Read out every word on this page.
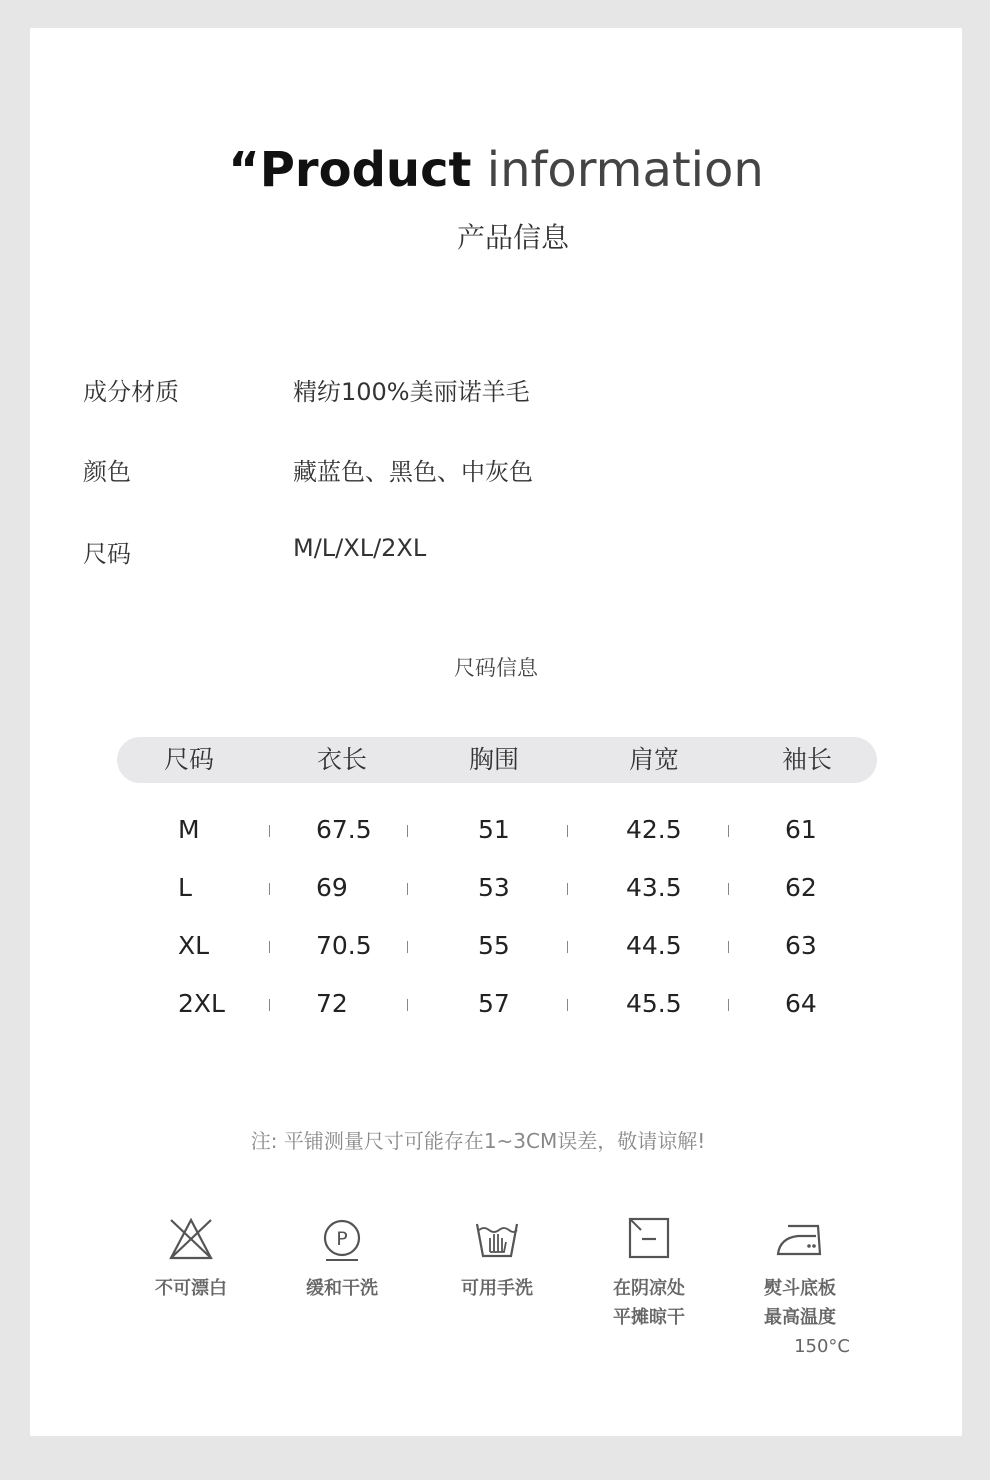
“Product information
产品信息
成分材质	精纺100%美丽诺羊毛
颜色	藏蓝色、黑色、中灰色
尺码	M/L/XL/2XL
尺码信息
尺码	衣长	胸围	肩宽	袖长
M	67.5	51	42.5	61
L	69	53	43.5	62
XL	70.5	55	44.5	63
2XL	72	57	45.5	64
注: 平铺测量尺寸可能存在1~3CM误差，敬请谅解!
不可漂白
P
缓和干洗	可用手洗	在阴凉处
平摊晾干
熨斗底板
最高温度
150°C
